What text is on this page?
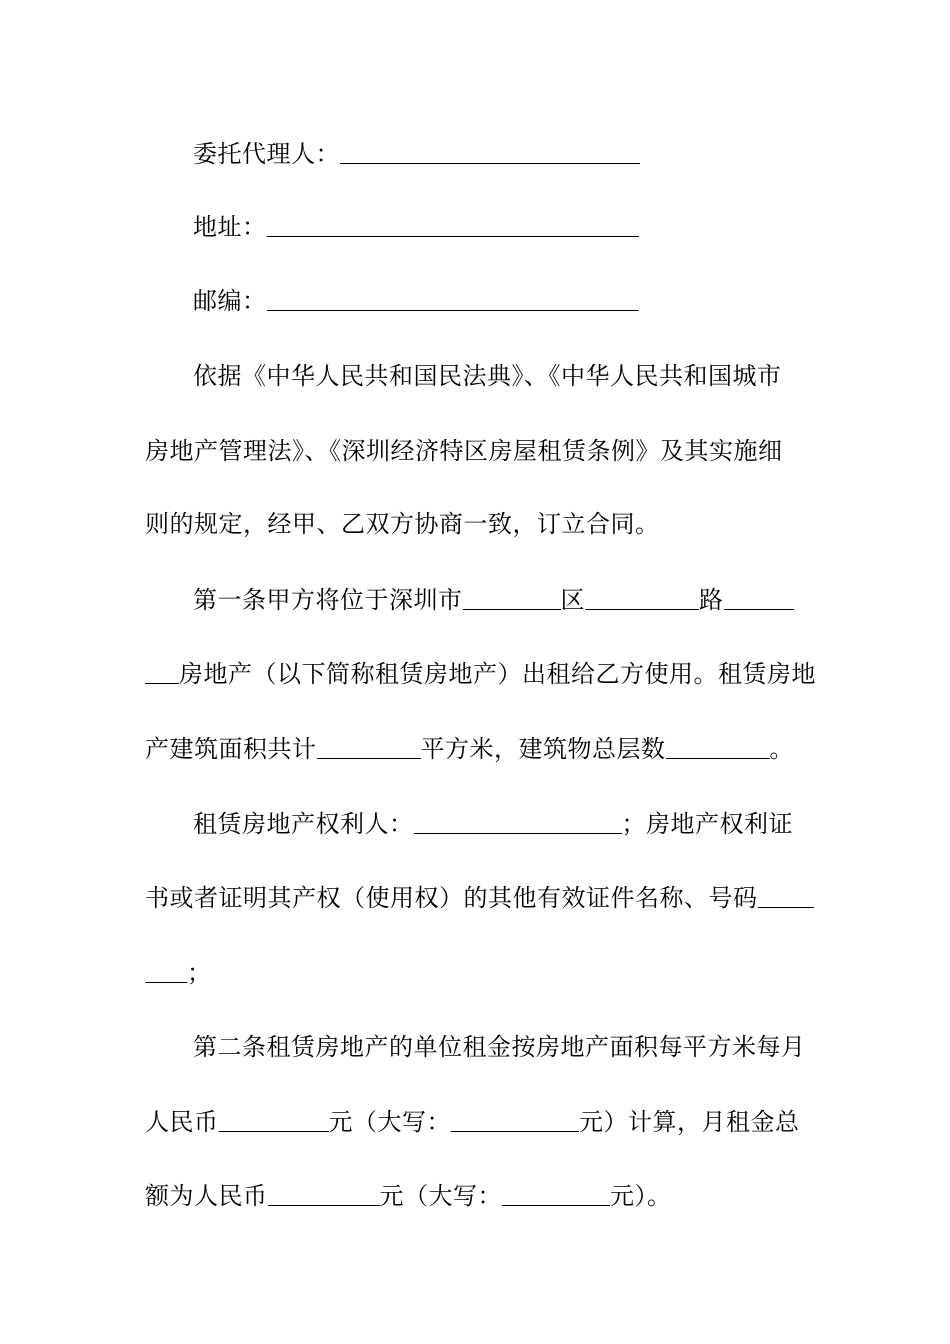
委托代理人：
地址：
邮编：
依据《中华人民共和国民法典》、《中华人民共和国城市
房地产管理法》、《深圳经济特区房屋租赁条例》及其实施细
则的规定，经甲、乙双方协商一致，订立合同。
第一条甲方将位于深圳市	区	路
房地产（以下简称租赁房地产）出租给乙方使用。租赁房地
产建筑面积共计	平方米，建筑物总层数	。
租赁房地产权利人：	；房地产权利证
书或者证明其产权（使用权）的其他有效证件名称、号码
；
第二条租赁房地产的单位租金按房地产面积每平方米每月
人民币	元（大写：	元）计算，月租金总
额为人民币	元（大写：	元）。
